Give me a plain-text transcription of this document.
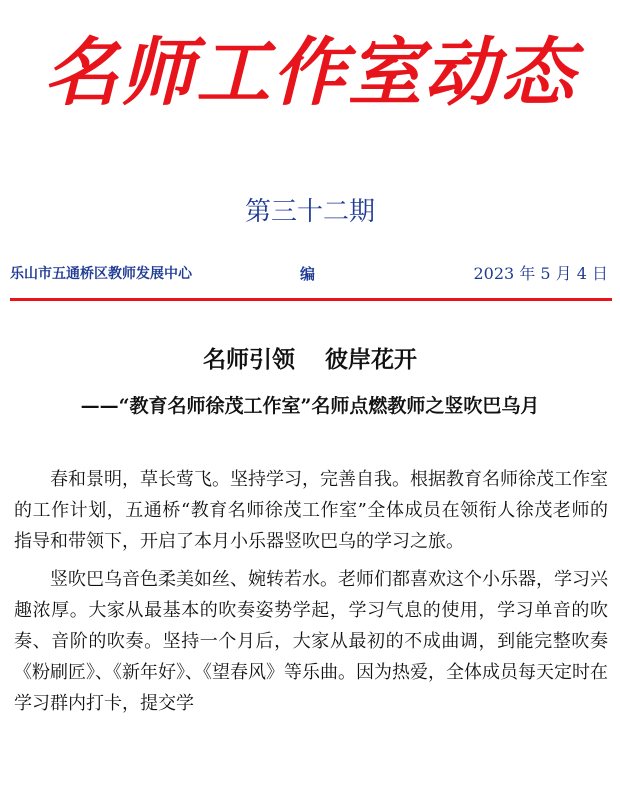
名师工作室动态
第三十二期
乐山市五通桥区教师发展中心	编	2023 年 5 月 4 日
名师引领 彼岸花开
——“教育名师徐茂工作室”名师点燃教师之竖吹巴乌月

春和景明，草长莺飞。坚持学习，完善自我。根据教育名师徐茂工作室的工作计划，五通桥“教育名师徐茂工作室”全体成员在领衔人徐茂老师的指导和带领下，开启了本月小乐器竖吹巴乌的学习之旅。

竖吹巴乌音色柔美如丝、婉转若水。老师们都喜欢这个小乐器，学习兴趣浓厚。大家从最基本的吹奏姿势学起，学习气息的使用，学习单音的吹奏、音阶的吹奏。坚持一个月后，大家从最初的不成曲调，到能完整吹奏《粉刷匠》、《新年好》、《望春风》等乐曲。因为热爱，全体成员每天定时在学习群内打卡，提交学
